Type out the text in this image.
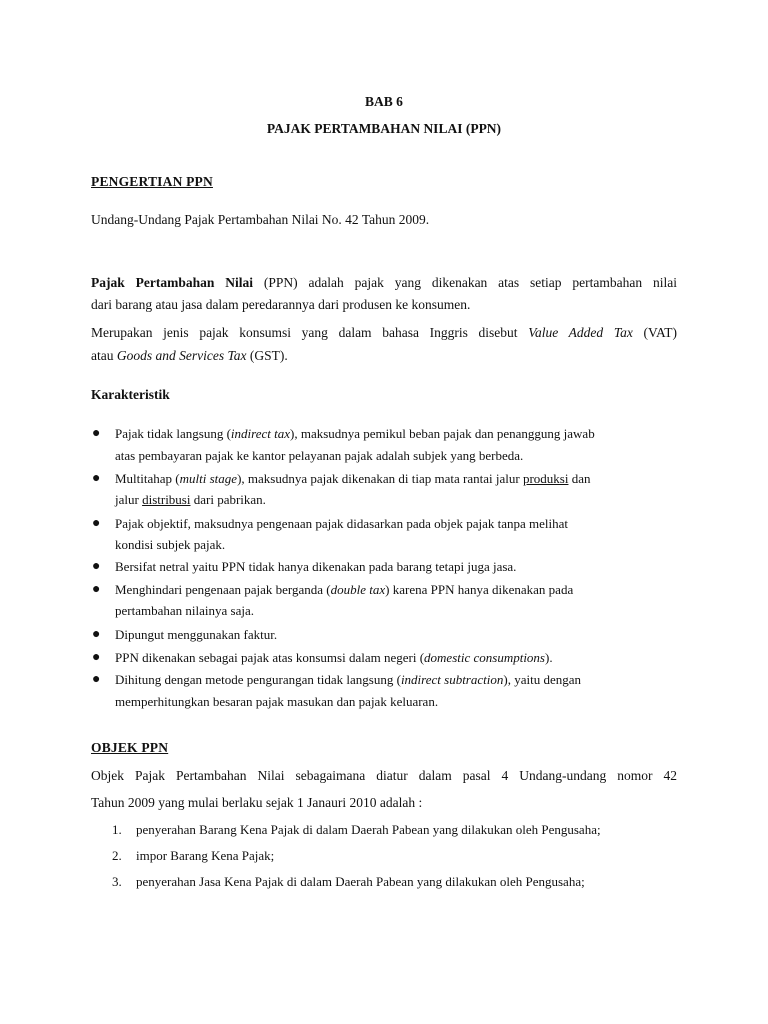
BAB 6
PAJAK PERTAMBAHAN NILAI (PPN)
PENGERTIAN PPN
Undang-Undang Pajak Pertambahan Nilai No. 42 Tahun 2009.
Pajak Pertambahan Nilai (PPN) adalah pajak yang dikenakan atas setiap pertambahan nilai
dari barang atau jasa dalam peredarannya dari produsen ke konsumen.
Merupakan jenis pajak konsumsi yang dalam bahasa Inggris disebut Value Added Tax (VAT)
atau Goods and Services Tax (GST).
Karakteristik
● Pajak tidak langsung (indirect tax), maksudnya pemikul beban pajak dan penanggung jawab
atas pembayaran pajak ke kantor pelayanan pajak adalah subjek yang berbeda.
● Multitahap (multi stage), maksudnya pajak dikenakan di tiap mata rantai jalur produksi dan
jalur distribusi dari pabrikan.
● Pajak objektif, maksudnya pengenaan pajak didasarkan pada objek pajak tanpa melihat
kondisi subjek pajak.
● Bersifat netral yaitu PPN tidak hanya dikenakan pada barang tetapi juga jasa.
● Menghindari pengenaan pajak berganda (double tax) karena PPN hanya dikenakan pada
pertambahan nilainya saja.
● Dipungut menggunakan faktur.
● PPN dikenakan sebagai pajak atas konsumsi dalam negeri (domestic consumptions).
● Dihitung dengan metode pengurangan tidak langsung (indirect subtraction), yaitu dengan
memperhitungkan besaran pajak masukan dan pajak keluaran.
OBJEK PPN
Objek Pajak Pertambahan Nilai sebagaimana diatur dalam pasal 4 Undang-undang nomor 42
Tahun 2009 yang mulai berlaku sejak 1 Janauri 2010 adalah :
1. penyerahan Barang Kena Pajak di dalam Daerah Pabean yang dilakukan oleh Pengusaha;
2. impor Barang Kena Pajak;
3. penyerahan Jasa Kena Pajak di dalam Daerah Pabean yang dilakukan oleh Pengusaha;
